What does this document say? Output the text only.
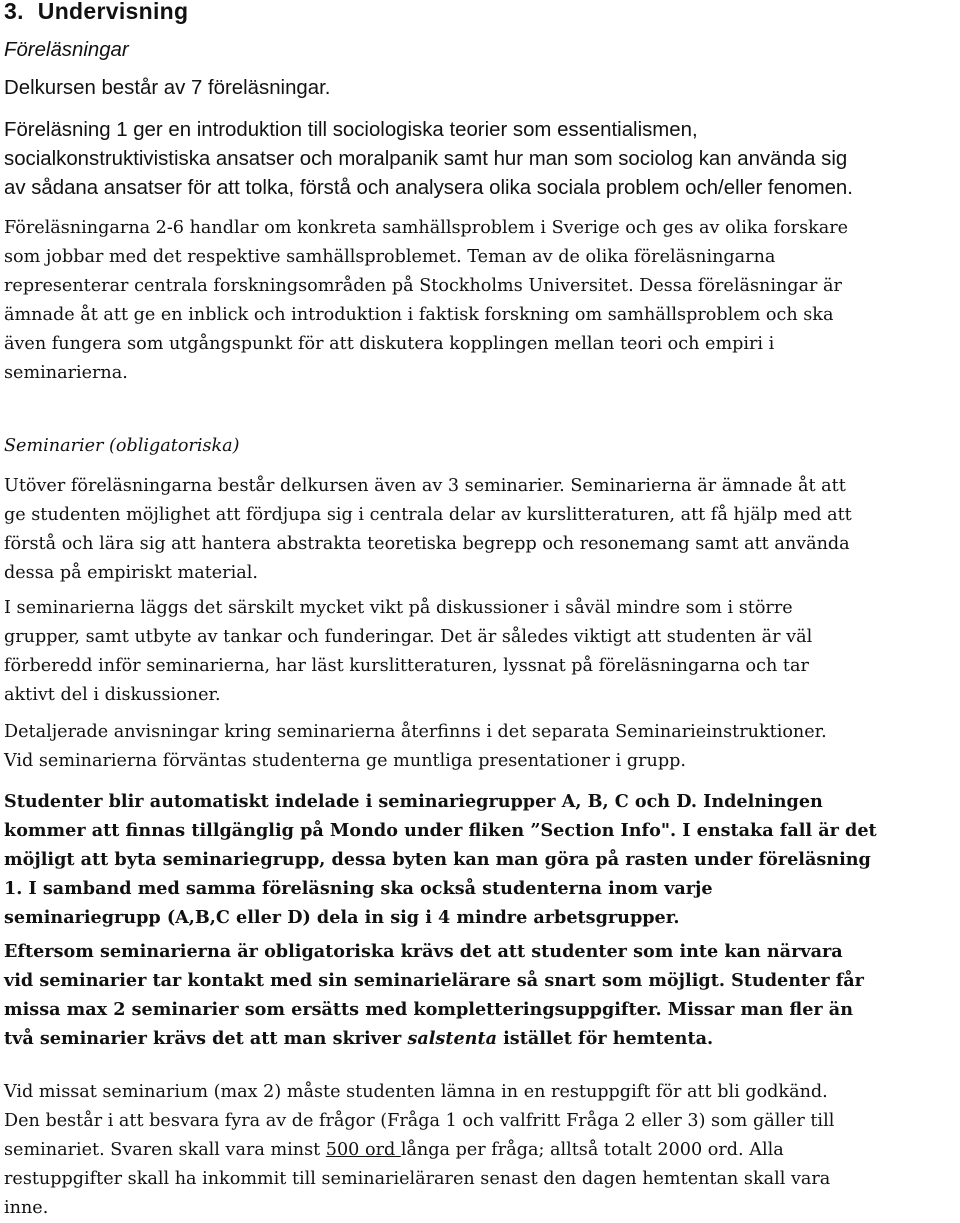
3. Undervisning
Föreläsningar
Delkursen består av 7 föreläsningar.
Föreläsning 1 ger en introduktion till sociologiska teorier som essentialismen,
socialkonstruktivistiska ansatser och moralpanik samt hur man som sociolog kan använda sig
av sådana ansatser för att tolka, förstå och analysera olika sociala problem och/eller fenomen.
Föreläsningarna 2-6 handlar om konkreta samhällsproblem i Sverige och ges av olika forskare
som jobbar med det respektive samhällsproblemet. Teman av de olika föreläsningarna
representerar centrala forskningsområden på Stockholms Universitet. Dessa föreläsningar är
ämnade åt att ge en inblick och introduktion i faktisk forskning om samhällsproblem och ska
även fungera som utgångspunkt för att diskutera kopplingen mellan teori och empiri i
seminarierna.
Seminarier (obligatoriska)
Utöver föreläsningarna består delkursen även av 3 seminarier. Seminarierna är ämnade åt att
ge studenten möjlighet att fördjupa sig i centrala delar av kurslitteraturen, att få hjälp med att
förstå och lära sig att hantera abstrakta teoretiska begrepp och resonemang samt att använda
dessa på empiriskt material.
I seminarierna läggs det särskilt mycket vikt på diskussioner i såväl mindre som i större
grupper, samt utbyte av tankar och funderingar. Det är således viktigt att studenten är väl
förberedd inför seminarierna, har läst kurslitteraturen, lyssnat på föreläsningarna och tar
aktivt del i diskussioner.
Detaljerade anvisningar kring seminarierna återfinns i det separata Seminarieinstruktioner.
Vid seminarierna förväntas studenterna ge muntliga presentationer i grupp.
Studenter blir automatiskt indelade i seminariegrupper A, B, C och D. Indelningen
kommer att finnas tillgänglig på Mondo under fliken ”Section Info". I enstaka fall är det
möjligt att byta seminariegrupp, dessa byten kan man göra på rasten under föreläsning
1. I samband med samma föreläsning ska också studenterna inom varje
seminariegrupp (A,B,C eller D) dela in sig i 4 mindre arbetsgrupper.
Eftersom seminarierna är obligatoriska krävs det att studenter som inte kan närvara
vid seminarier tar kontakt med sin seminarielärare så snart som möjligt. Studenter får
missa max 2 seminarier som ersätts med kompletteringsuppgifter. Missar man fler än
två seminarier krävs det att man skriver salstenta istället för hemtenta.
Vid missat seminarium (max 2) måste studenten lämna in en restuppgift för att bli godkänd.
Den består i att besvara fyra av de frågor (Fråga 1 och valfritt Fråga 2 eller 3) som gäller till
seminariet. Svaren skall vara minst 500 ord långa per fråga; alltså totalt 2000 ord. Alla
restuppgifter skall ha inkommit till seminarieläraren senast den dagen hemtentan skall vara
inne.
